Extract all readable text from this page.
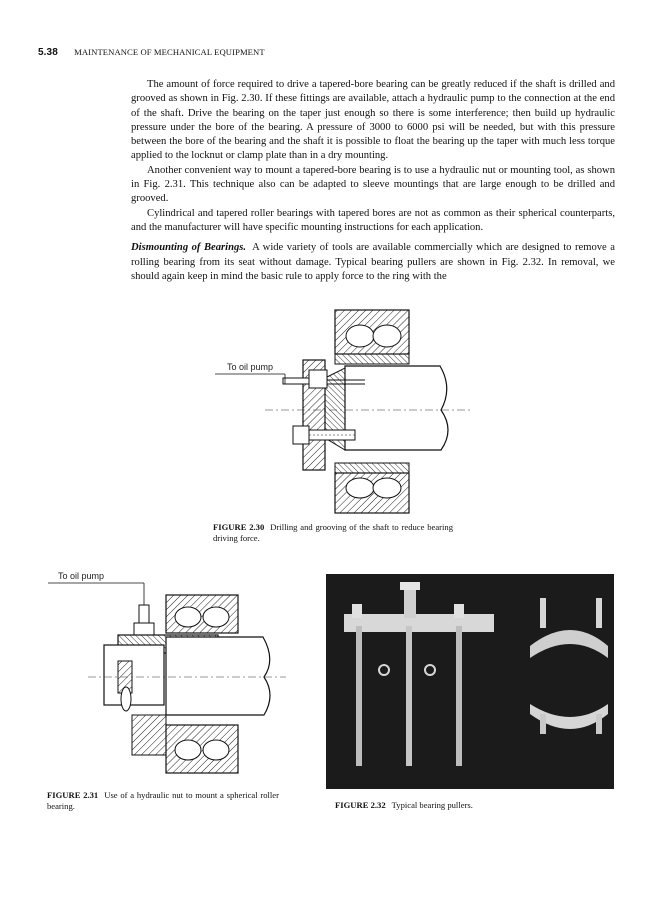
5.38 MAINTENANCE OF MECHANICAL EQUIPMENT

The amount of force required to drive a tapered-bore bearing can be greatly reduced if the shaft is drilled and grooved as shown in Fig. 2.30. If these fittings are available, attach a hydraulic pump to the connection at the end of the shaft. Drive the bearing on the taper just enough so there is some interference; then build up hydraulic pressure under the bore of the bearing. A pressure of 3000 to 6000 psi will be needed, but with this pressure between the bore of the bearing and the shaft it is possible to float the bearing up the taper with much less torque applied to the locknut or clamp plate than in a dry mounting.

Another convenient way to mount a tapered-bore bearing is to use a hydraulic nut or mounting tool, as shown in Fig. 2.31. This technique also can be adapted to sleeve mountings that are large enough to be drilled and grooved.

Cylindrical and tapered roller bearings with tapered bores are not as common as their spherical counterparts, and the manufacturer will have specific mounting instructions for each application.

Dismounting of Bearings. A wide variety of tools are available commercially which are designed to remove a rolling bearing from its seat without damage. Typical bearing pullers are shown in Fig. 2.32. In removal, we should again keep in mind the basic rule to apply force to the ring with the

To oil pump
FIGURE 2.30 Drilling and grooving of the shaft to reduce bearing driving force.
To oil pump
FIGURE 2.31 Use of a hydraulic nut to mount a spherical roller bearing.	FIGURE 2.32 Typical bearing pullers.
